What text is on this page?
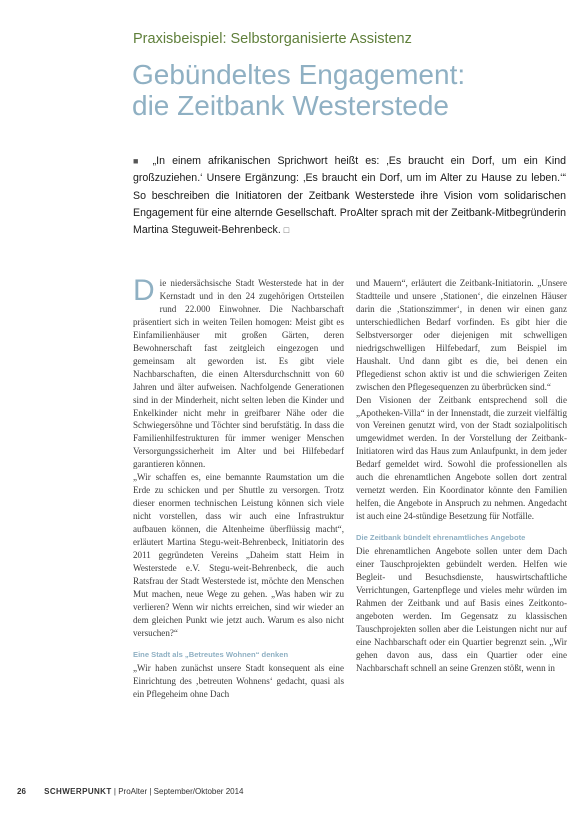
Praxisbeispiel: Selbstorganisierte Assistenz
Gebündeltes Engagement:
die Zeitbank Westerstede
■ „In einem afrikanischen Sprichwort heißt es: ‚Es braucht ein Dorf, um ein Kind großzuziehen.‘ Unsere Ergänzung: ‚Es braucht ein Dorf, um im Alter zu Hause zu leben.‘“ So beschreiben die Initiatoren der Zeitbank Westerstede ihre Vision vom solidarischen Engagement für eine alternde Gesellschaft. ProAlter sprach mit der Zeitbank-Mitbegründerin Martina Steguweit-Behrenbeck. □
D ie niedersächsische Stadt Westerstede hat in der Kernstadt und in den 24 zugehörigen Ortsteilen rund 22.000 Einwohner. Die Nachbarschaft präsentiert sich in weiten Teilen homogen: Meist gibt es Einfamilienhäuser mit großen Gärten, deren Bewohnerschaft fast zeitgleich eingezogen und gemeinsam alt geworden ist. Es gibt viele Nachbarschaften, die einen Altersdurchschnitt von 60 Jahren und älter aufweisen. Nachfolgende Generationen sind in der Minderheit, nicht selten leben die Kinder und Enkelkinder nicht mehr in greifbarer Nähe oder die Schwiegersöhne und Töchter sind berufstätig. In dass die Familienhilfestrukturen für immer weniger Menschen Versorgungssicherheit im Alter und bei Hilfebedarf garantieren können.

„Wir schaffen es, eine bemannte Raumstation um die Erde zu schicken und per Shuttle zu versorgen. Trotz dieser enormen technischen Leistung können sich viele nicht vorstellen, dass wir auch eine Infrastruktur aufbauen können, die Altenheime überflüssig macht“, erläutert Martina Stegu-weit-Behrenbeck, Initiatorin des 2011 gegründeten Vereins „Daheim statt Heim in Westerstede e.V. Stegu-weit-Behrenbeck, die auch Ratsfrau der Stadt Westerstede ist, möchte den Menschen Mut machen, neue Wege zu gehen. „Was haben wir zu verlieren? Wenn wir nichts erreichen, sind wir wieder an dem gleichen Punkt wie jetzt auch. Warum es also nicht versuchen?“

Eine Stadt als „Betreutes Wohnen“ denken

„Wir haben zunächst unsere Stadt konsequent als eine Einrichtung des ‚betreuten Wohnens‘ gedacht, quasi als ein Pflegeheim ohne Dach

und Mauern“, erläutert die Zeitbank-Initiatorin. „Unsere Stadtteile und unsere ‚Stationen‘, die einzelnen Häuser darin die ‚Stationszimmer‘, in denen wir einen ganz unterschiedlichen Bedarf vorfinden. Es gibt hier die Selbstversorger oder diejenigen mit schwelligen niedrigschwelligen Hilfebedarf, zum Beispiel im Haushalt. Und dann gibt es die, bei denen ein Pflegedienst schon aktiv ist und die schwierigen Zeiten zwischen den Pflegesequenzen zu überbrücken sind.“

Den Visionen der Zeitbank entsprechend soll die „Apotheken-Villa“ in der Innenstadt, die zurzeit vielfältig von Vereinen genutzt wird, von der Stadt sozialpolitisch umgewidmet werden. In der Vorstellung der Zeitbank-Initiatoren wird das Haus zum Anlaufpunkt, in dem jeder Bedarf gemeldet wird. Sowohl die professionellen als auch die ehrenamtlichen Angebote sollen dort zentral vernetzt werden. Ein Koordinator könnte den Familien helfen, die Angebote in Anspruch zu nehmen. Angedacht ist auch eine 24-stündige Besetzung für Notfälle.

Die Zeitbank bündelt ehrenamtliches Angebote

Die ehrenamtlichen Angebote sollen unter dem Dach einer Tauschprojekten gebündelt werden. Helfen wie Begleit- und Besuchsdienste, hauswirtschaftliche Verrichtungen, Gartenpflege und vieles mehr würden im Rahmen der Zeitbank und auf Basis eines Zeitkonto-angeboten werden. Im Gegensatz zu klassischen Tauschprojekten sollen aber die Leistungen nicht nur auf eine Nachbarschaft oder ein Quartier begrenzt sein. „Wir gehen davon aus, dass ein Quartier oder eine Nachbarschaft schnell an seine Grenzen stößt, wenn in

26 SCHWERPUNKT | ProAlter | September/Oktober 2014
